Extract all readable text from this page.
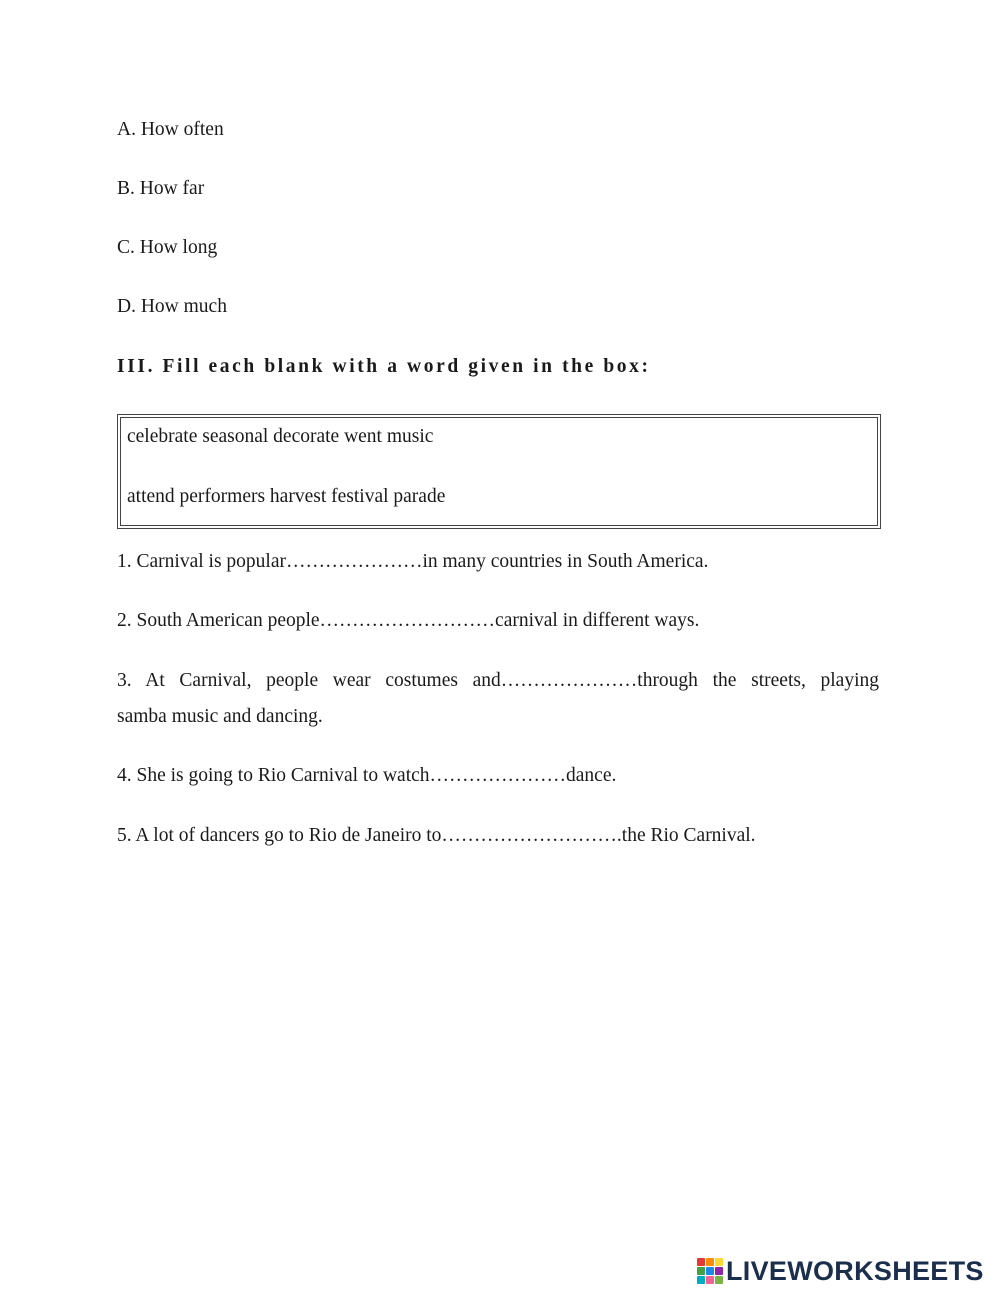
A. How often

B. How far

C. How long

D. How much

III. Fill each blank with a word given in the box:

celebrate seasonal decorate went music

attend performers harvest festival parade

1. Carnival is popular…………………in many countries in South America.

2. South American people………………………carnival in different ways.

3. At Carnival, people wear costumes and…………………through the streets, playing

samba music and dancing.

4. She is going to Rio Carnival to watch…………………dance.

5. A lot of dancers go to Rio de Janeiro to……………………….the Rio Carnival.

LIVEWORKSHEETS
